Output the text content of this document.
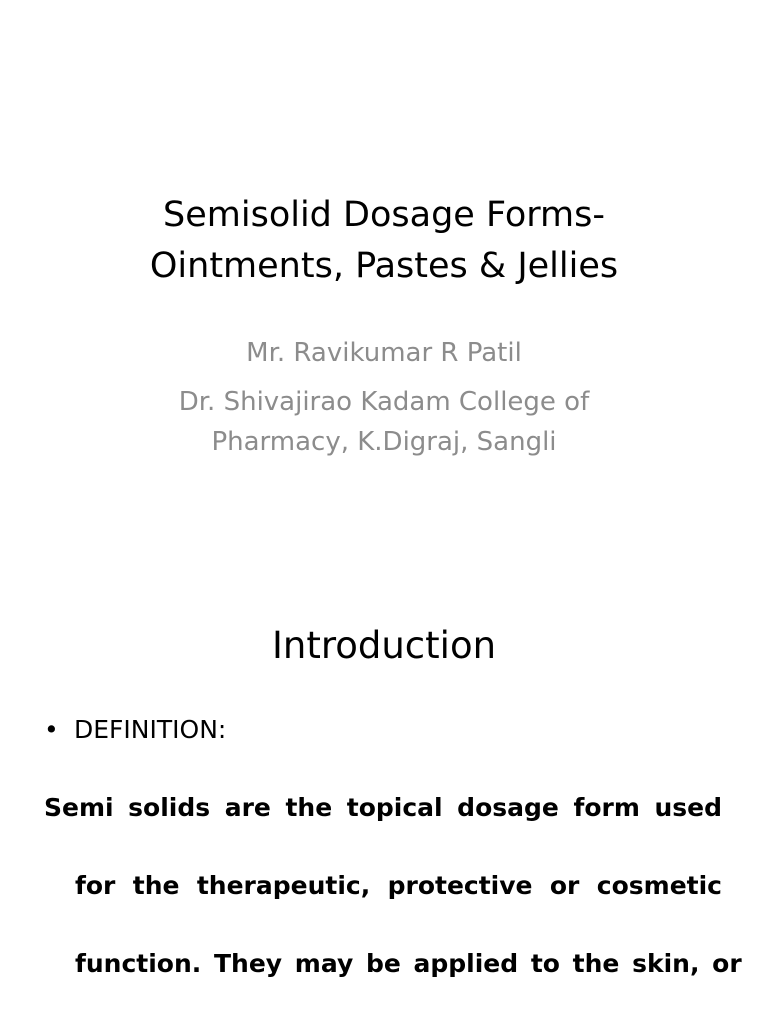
Semisolid Dosage Forms-
Ointments, Pastes & Jellies
Mr. Ravikumar R Patil
Dr. Shivajirao Kadam College of
Pharmacy, K.Digraj, Sangli
Introduction
• DEFINITION:
Semi solids are the topical dosage form used
for the therapeutic, protective or cosmetic
function. They may be applied to the skin, or
